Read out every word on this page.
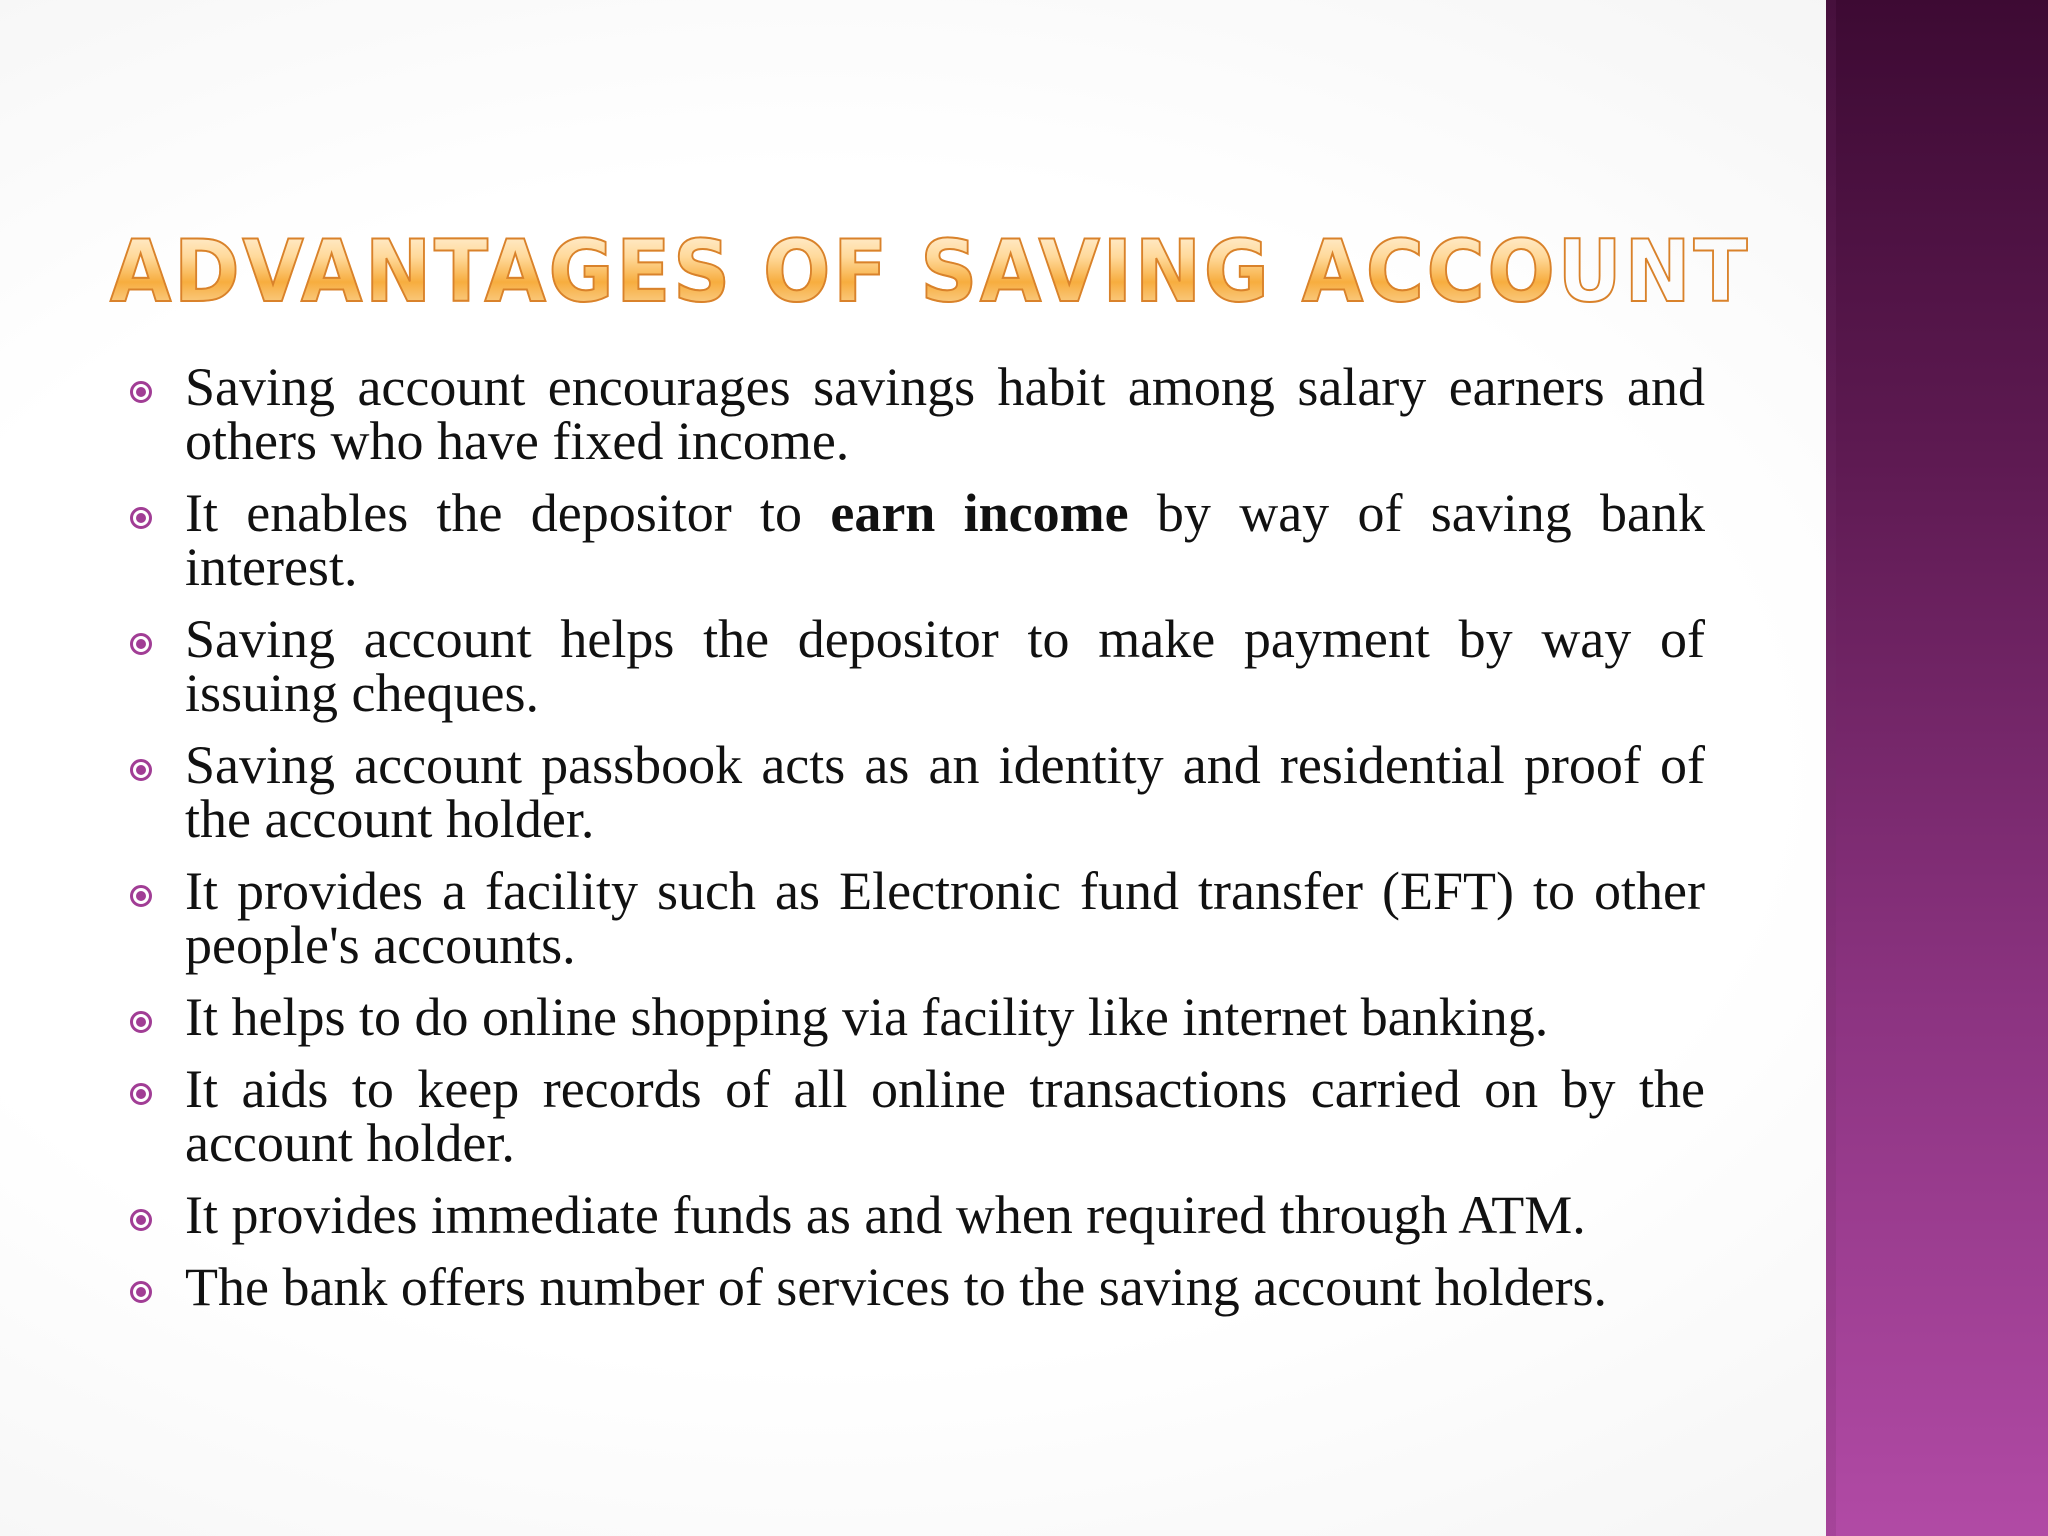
ADVANTAGES OF SAVING ACCOUNT
Saving account encourages savings habit among salary earners and others who have fixed income.
It enables the depositor to earn income by way of saving bank interest.
Saving account helps the depositor to make payment by way of issuing cheques.
Saving account passbook acts as an identity and residential proof of the account holder.
It provides a facility such as Electronic fund transfer (EFT) to other people's accounts.
It helps to do online shopping via facility like internet banking.
It aids to keep records of all online transactions carried on by the account holder.
It provides immediate funds as and when required through ATM.
The bank offers number of services to the saving account holders.
